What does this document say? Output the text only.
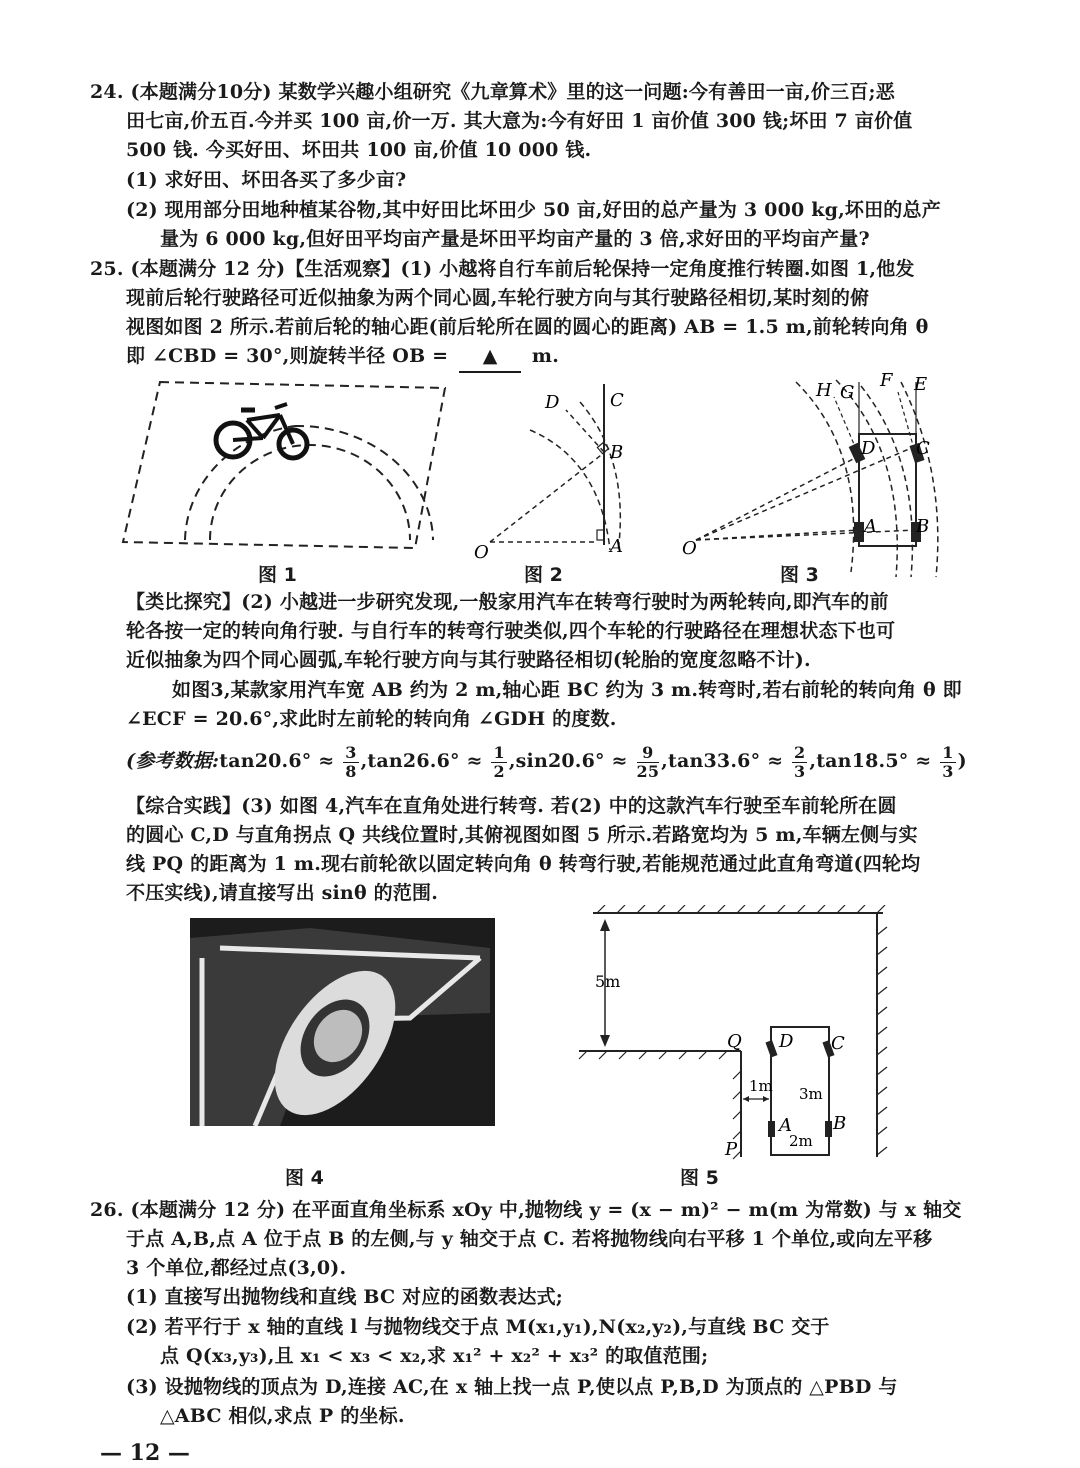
24. (本题满分10分) 某数学兴趣小组研究《九章算术》里的这一问题:今有善田一亩,价三百;恶
田七亩,价五百.今并买 100 亩,价一万. 其大意为:今有好田 1 亩价值 300 钱;坏田 7 亩价值
500 钱. 今买好田、坏田共 100 亩,价值 10 000 钱.
(1) 求好田、坏田各买了多少亩?
(2) 现用部分田地种植某谷物,其中好田比坏田少 50 亩,好田的总产量为 3 000 kg,坏田的总产
量为 6 000 kg,但好田平均亩产量是坏田平均亩产量的 3 倍,求好田的平均亩产量?
25. (本题满分 12 分)【生活观察】(1) 小越将自行车前后轮保持一定角度推行转圈.如图 1,他发
现前后轮行驶路径可近似抽象为两个同心圆,车轮行驶方向与其行驶路径相切,某时刻的俯
视图如图 2 所示.若前后轮的轴心距(前后轮所在圆的圆心的距离) AB = 1.5 m,前轮转向角 θ
即 ∠CBD = 30°,则旋转半径 OB = ▲ m.
图 1
D	C
B
O	A
图 2
H G
F E
D C
A B
O
图 3
【类比探究】(2) 小越进一步研究发现,一般家用汽车在转弯行驶时为两轮转向,即汽车的前
轮各按一定的转向角行驶. 与自行车的转弯行驶类似,四个车轮的行驶路径在理想状态下也可
近似抽象为四个同心圆弧,车轮行驶方向与其行驶路径相切(轮胎的宽度忽略不计).
如图3,某款家用汽车宽 AB 约为 2 m,轴心距 BC 约为 3 m.转弯时,若右前轮的转向角 θ 即
∠ECF = 20.6°,求此时左前轮的转向角 ∠GDH 的度数.
(参考数据:tan20.6° ≈ $\frac{3}{8} ,\tan 26.6^\circ \approx \frac{1}{2} ,\sin 20.6^\circ \approx \frac{9}{25} ,\tan 33.6^\circ \approx \frac{2}{3} ,\tan 18.5^\circ \approx \frac{1}{3}$ )
【综合实践】(3) 如图 4,汽车在直角处进行转弯. 若(2) 中的这款汽车行驶至车前轮所在圆
的圆心 C,D 与直角拐点 Q 共线位置时,其俯视图如图 5 所示.若路宽均为 5 m,车辆左侧与实
线 PQ 的距离为 1 m.现右前轮欲以固定转向角 θ 转弯行驶,若能规范通过此直角弯道(四轮均
不压实线),请直接写出 sinθ 的范围.
图 4
5m
Q D C
1m 3m
A B
P	2m
图 5
26. (本题满分 12 分) 在平面直角坐标系 xOy 中,抛物线 y = (x − m)² − m(m 为常数) 与 x 轴交
于点 A,B,点 A 位于点 B 的左侧,与 y 轴交于点 C. 若将抛物线向右平移 1 个单位,或向左平移
3 个单位,都经过点(3,0).
(1) 直接写出抛物线和直线 BC 对应的函数表达式;
(2) 若平行于 x 轴的直线 l 与抛物线交于点 M(x₁,y₁),N(x₂,y₂),与直线 BC 交于
点 Q(x₃,y₃),且 x₁ < x₃ < x₂,求 x₁² + x₂² + x₃² 的取值范围;
(3) 设抛物线的顶点为 D,连接 AC,在 x 轴上找一点 P,使以点 P,B,D 为顶点的 △PBD 与
△ABC 相似,求点 P 的坐标.
— 12 —
